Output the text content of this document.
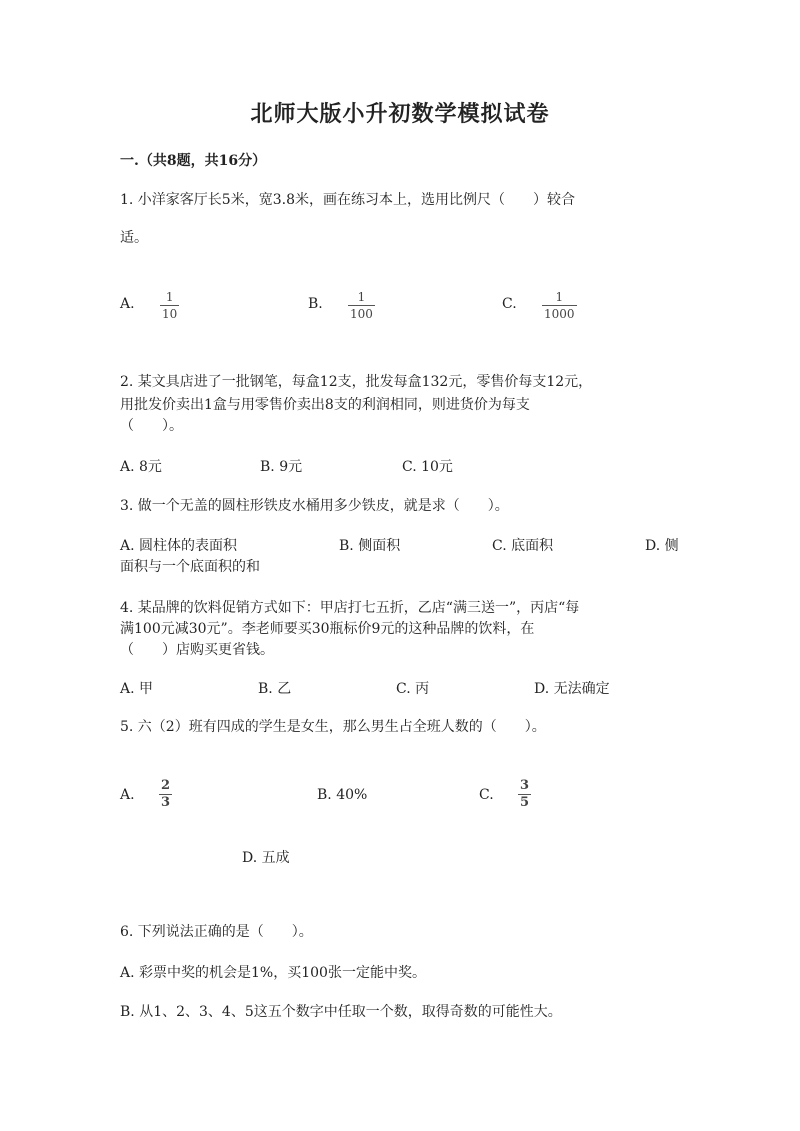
北师大版小升初数学模拟试卷
一.（共8题，共16分）
1. 小洋家客厅长5米，宽3.8米，画在练习本上，选用比例尺（　　）较合
适。
A.	1
10
B.	1
100
C.	1
1000
2. 某文具店进了一批钢笔，每盒12支，批发每盒132元，零售价每支12元，
用批发价卖出1盒与用零售价卖出8支的利润相同，则进货价为每支
（　　）。
A. 8元	B. 9元	C. 10元
3. 做一个无盖的圆柱形铁皮水桶用多少铁皮，就是求（　　）。
A. 圆柱体的表面积	B. 侧面积	C. 底面积	D. 侧
面积与一个底面积的和
4. 某品牌的饮料促销方式如下：甲店打七五折，乙店“满三送一”，丙店“每
满100元减30元”。李老师要买30瓶标价9元的这种品牌的饮料，在
（　　）店购买更省钱。
A. 甲	B. 乙	C. 丙	D. 无法确定
5. 六（2）班有四成的学生是女生，那么男生占全班人数的（　　）。
A.
2
3	B. 40%	C.
3
5
D. 五成
6. 下列说法正确的是（　　）。
A. 彩票中奖的机会是1%，买100张一定能中奖。
B. 从1、2、3、4、5这五个数字中任取一个数，取得奇数的可能性大。
